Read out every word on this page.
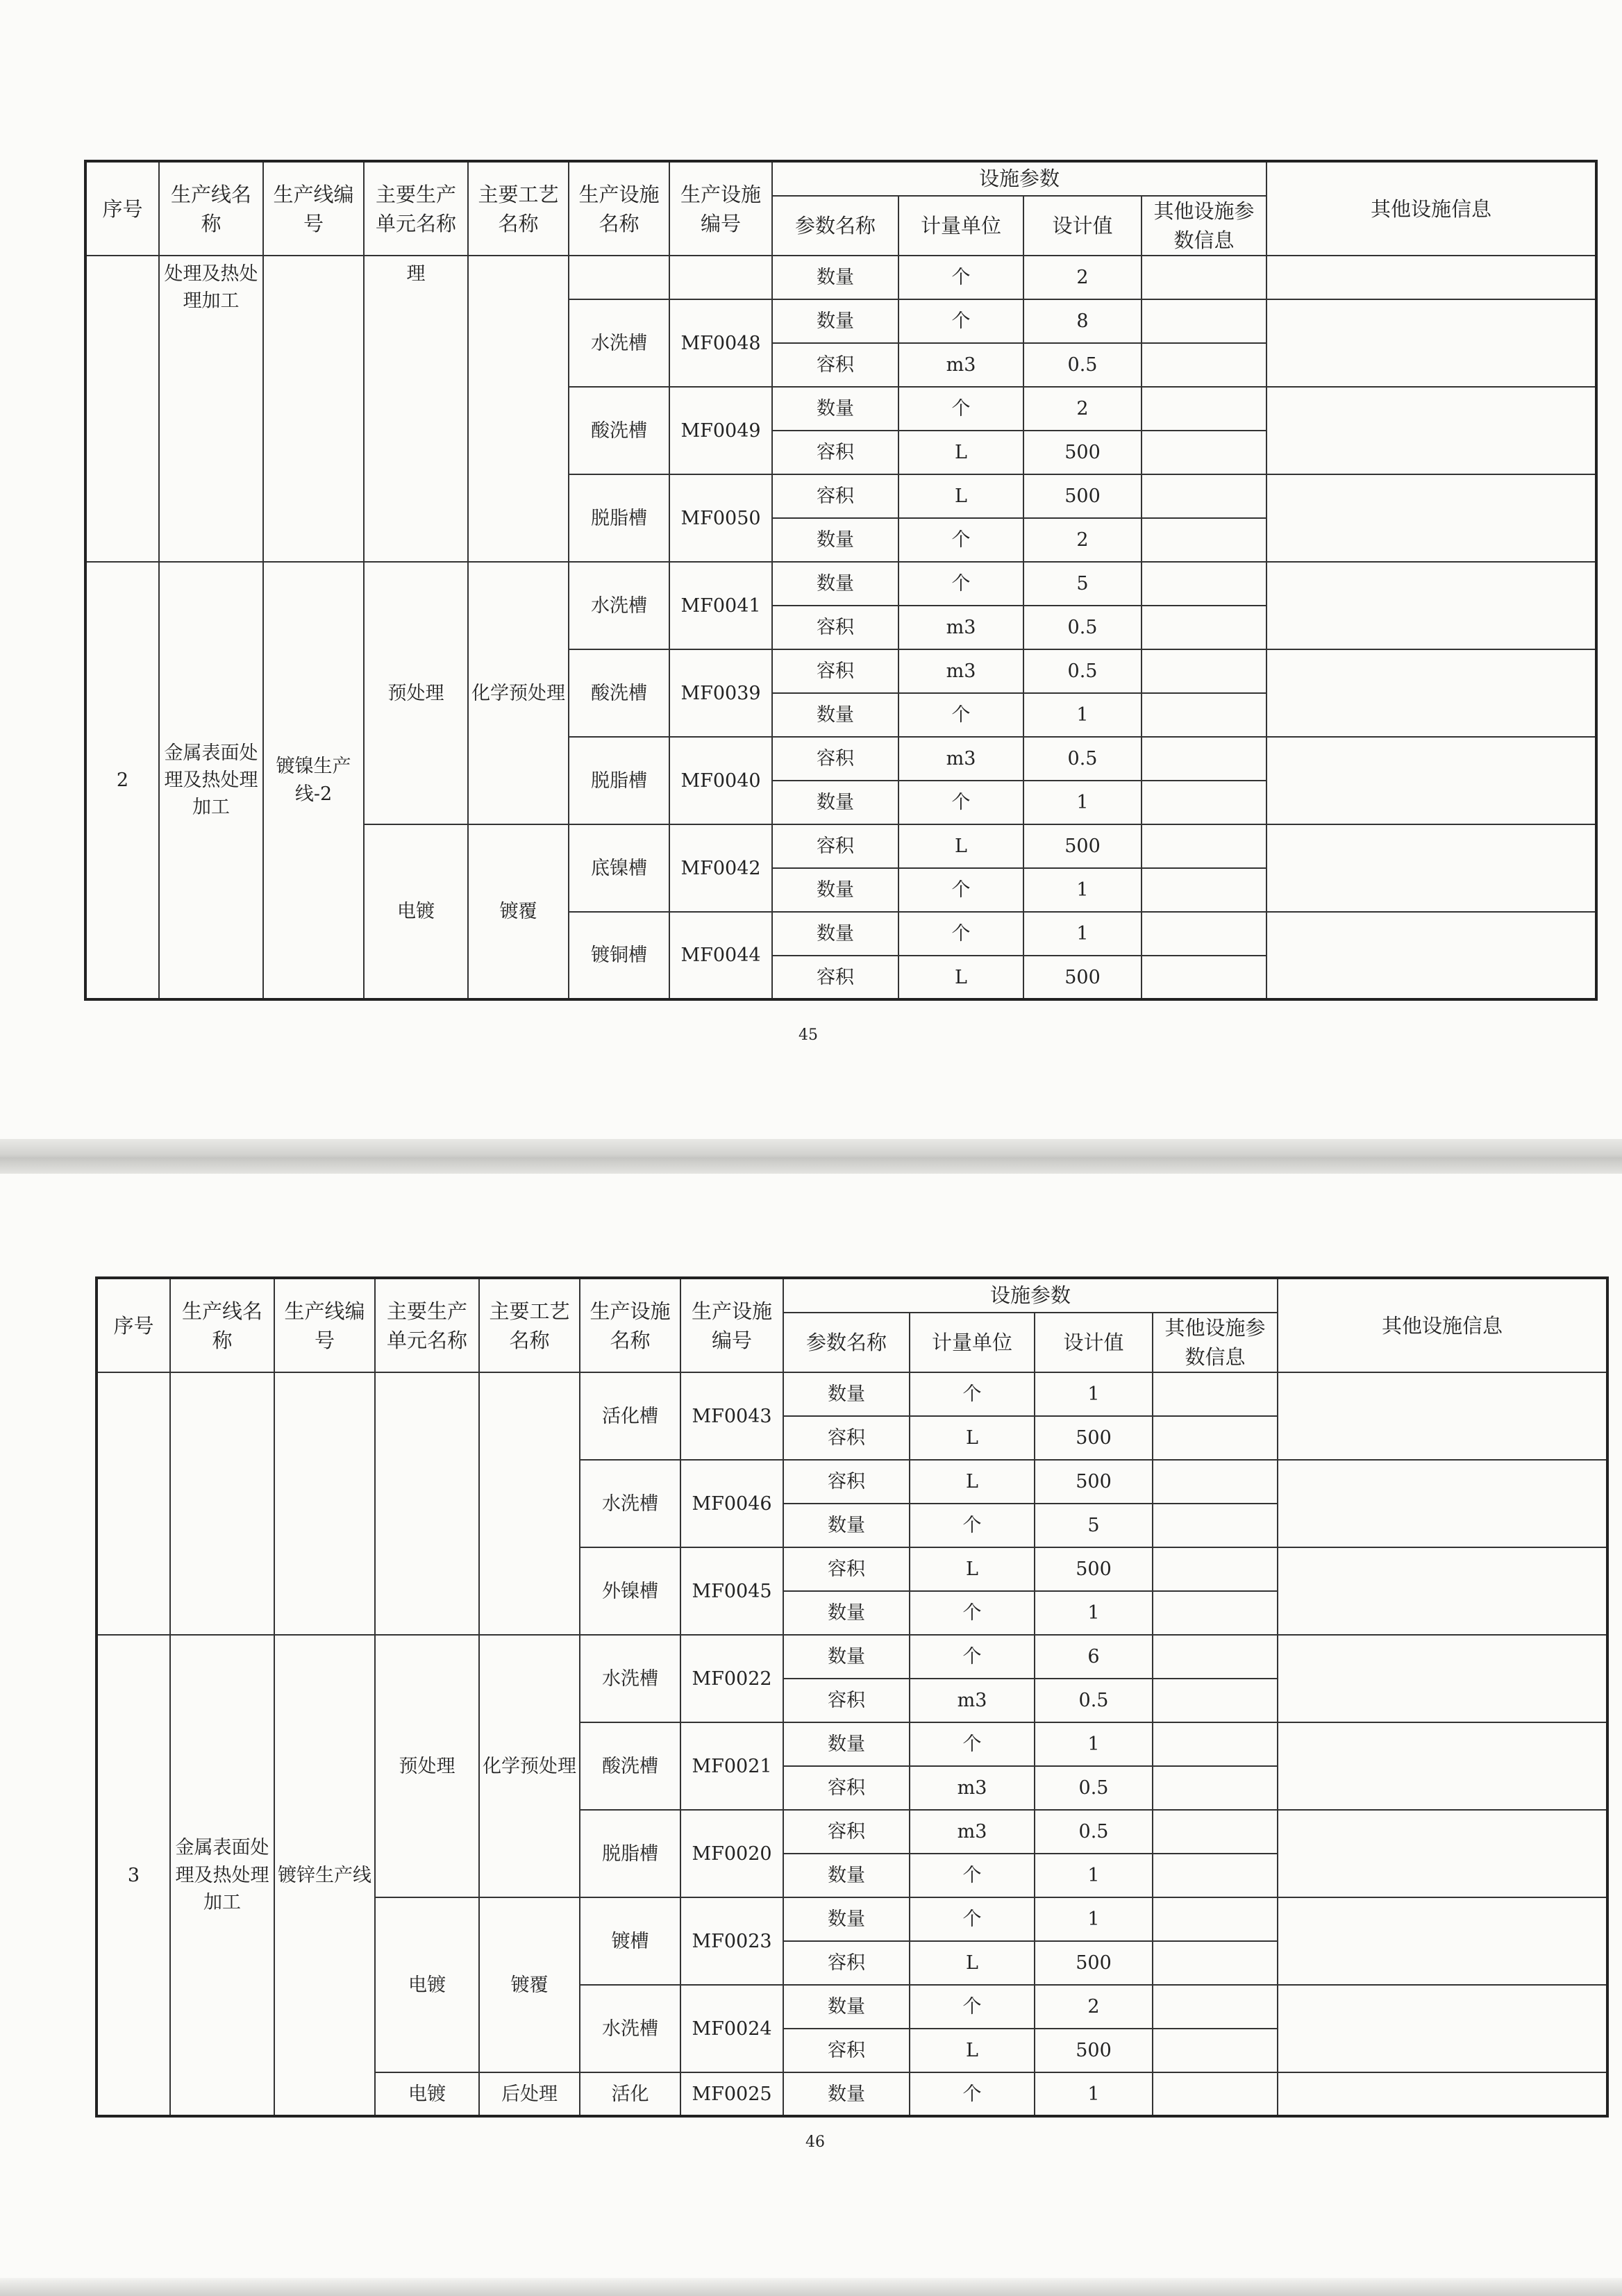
序号	生产线名称	生产线编号	主要生产单元名称	主要工艺名称	生产设施名称	生产设施编号	设施参数				其他设施信息
							参数名称	计量单位	设计值	其他设施参数信息	
	处理及热处理加工		理				数量	个	2		
					水洗槽	MF0048	数量	个	8		
							容积	m3	0.5		
					酸洗槽	MF0049	数量	个	2		
							容积	L	500		
					脱脂槽	MF0050	容积	L	500		
							数量	个	2		
2	金属表面处理及热处理加工	镀镍生产线-2	预处理	化学预处理	水洗槽	MF0041	数量	个	5		
							容积	m3	0.5		
					酸洗槽	MF0039	容积	m3	0.5		
							数量	个	1		
					脱脂槽	MF0040	容积	m3	0.5		
							数量	个	1		
			电镀	镀覆	底镍槽	MF0042	容积	L	500		
							数量	个	1		
					镀铜槽	MF0044	数量	个	1		
							容积	L	500		
45
序号	生产线名称	生产线编号	主要生产单元名称	主要工艺名称	生产设施名称	生产设施编号	设施参数				其他设施信息
							参数名称	计量单位	设计值	其他设施参数信息	
					活化槽	MF0043	数量	个	1		
							容积	L	500		
					水洗槽	MF0046	容积	L	500		
							数量	个	5		
					外镍槽	MF0045	容积	L	500		
							数量	个	1		
3	金属表面处理及热处理加工	镀锌生产线	预处理	化学预处理	水洗槽	MF0022	数量	个	6		
							容积	m3	0.5		
					酸洗槽	MF0021	数量	个	1		
							容积	m3	0.5		
					脱脂槽	MF0020	容积	m3	0.5		
							数量	个	1		
			电镀	镀覆	镀槽	MF0023	数量	个	1		
							容积	L	500		
					水洗槽	MF0024	数量	个	2		
							容积	L	500		
			电镀	后处理	活化	MF0025	数量	个	1		
46
